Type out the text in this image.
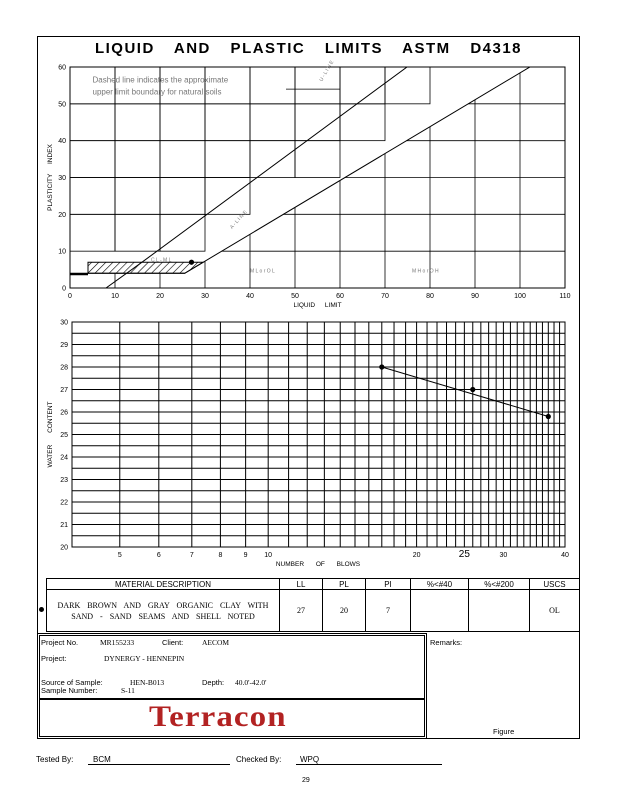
LIQUID AND PLASTIC LIMITS ASTM D4318
Dashed line indicates the approximate
upper limit boundary for natural soils
U - L I N E
A - L I N E
M L o r O L	M H o r O H
C L - M L
0	10	20	30	40	50	60	70	80	90	100	110
0
10
20
30
40
50
60
LIQUID LIMIT
PLASTICITY INDEX
5	6	7	8	9 10	20	25	30	40
20
21
22
23
24
25
26
27
28
29
30
NUMBER OF BLOWS
WATER CONTENT
MATERIAL DESCRIPTION	LL	PL	PI	%<#40	%<#200	USCS

DARK BROWN AND GRAY ORGANIC CLAY WITH
SAND - SAND SEAMS AND SHELL NOTED	27	20	7			OL
Project No.	MR155233	Client: AECOM
Project:	DYNERGY - HENNEPIN
Source of Sample:	HEN-B013	Depth: 40.0'-42.0'
Sample Number:	S-11
Remarks:
Figure
Terracon
Tested By: BCM	Checked By: WPQ
29
